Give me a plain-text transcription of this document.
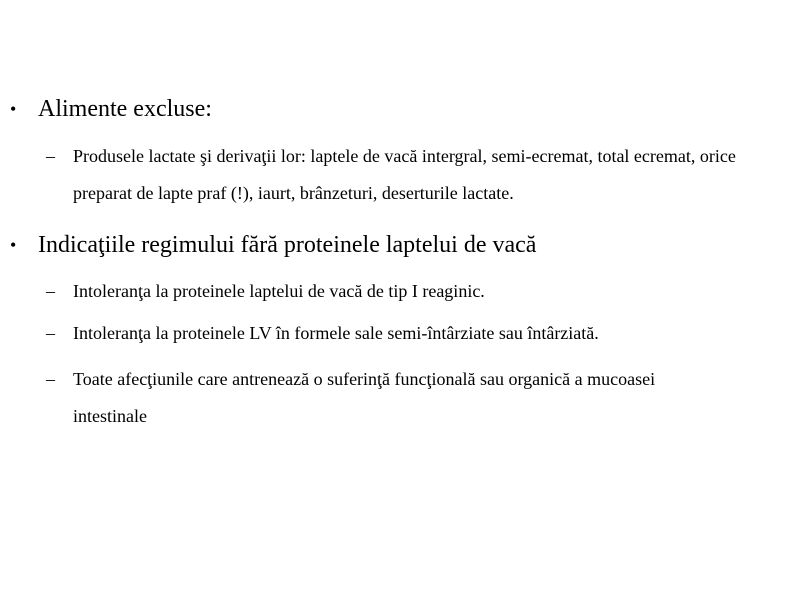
• Alimente excluse:
–	Produsele lactate şi derivaţii lor: laptele de vacă intergral, semi-ecremat, total ecremat, orice preparat de lapte praf (!), iaurt, brânzeturi, deserturile lactate.
• Indicaţiile regimului fără proteinele laptelui de vacă
–	Intoleranţa la proteinele laptelui de vacă de tip I reaginic.
–	Intoleranţa la proteinele LV în formele sale semi-întârziate sau întârziată.
–	Toate afecţiunile care antrenează o suferinţă funcţională sau organică a mucoasei intestinale
